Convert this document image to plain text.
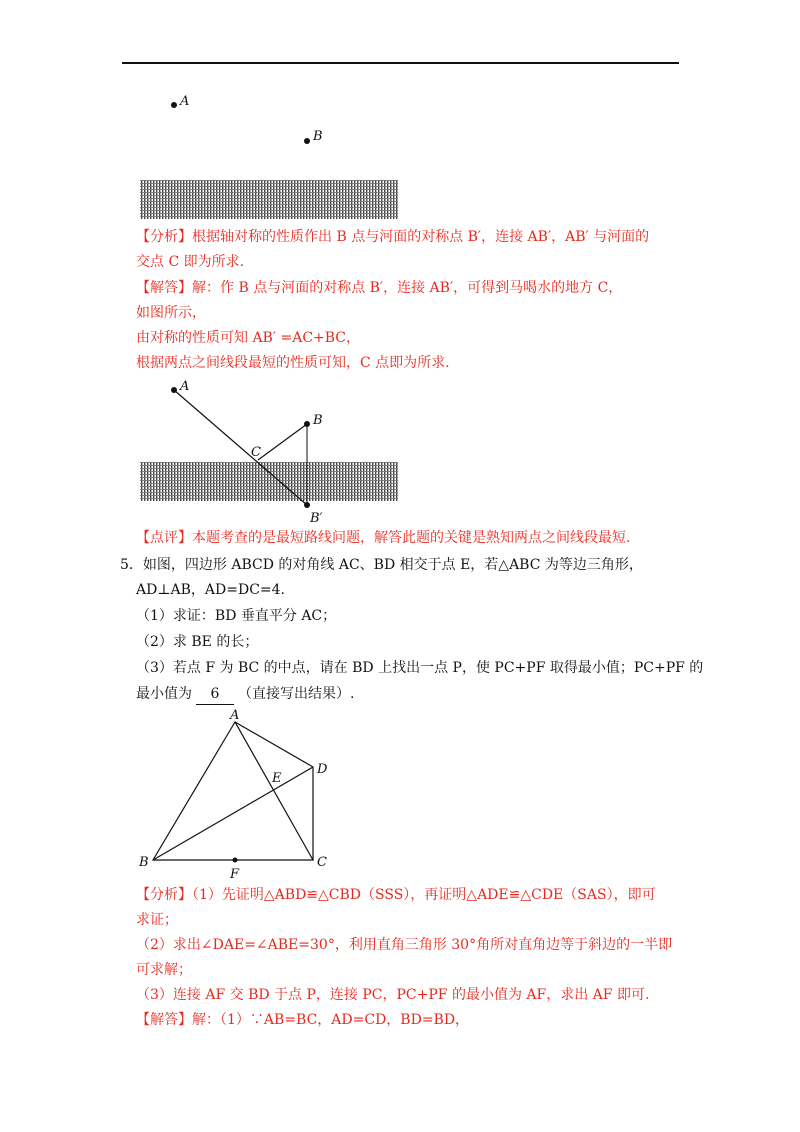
A
B
A
B
C
B′
A
B	C
D
E
F
【分析】根据轴对称的性质作出 B 点与河面的对称点 B′，连接 AB′，AB′ 与河面的
交点 C 即为所求.
【解答】解：作 B 点与河面的对称点 B′，连接 AB′，可得到马喝水的地方 C，
如图所示，
由对称的性质可知 AB′ =AC+BC，
根据两点之间线段最短的性质可知，C 点即为所求.
【点评】本题考查的是最短路线问题，解答此题的关键是熟知两点之间线段最短.
5．如图，四边形 ABCD 的对角线 AC、BD 相交于点 E，若△ABC 为等边三角形，
AD⊥AB，AD=DC=4.
（1）求证：BD 垂直平分 AC；
（2）求 BE 的长；
（3）若点 F 为 BC 的中点，请在 BD 上找出一点 P，使 PC+PF 取得最小值；PC+PF 的
最小值为 6 （直接写出结果）.
【分析】（1）先证明△ABD≌△CBD（SSS），再证明△ADE≌△CDE（SAS），即可
求证；
（2）求出∠DAE=∠ABE=30°，利用直角三角形 30°角所对直角边等于斜边的一半即
可求解；
（3）连接 AF 交 BD 于点 P，连接 PC，PC+PF 的最小值为 AF，求出 AF 即可.
【解答】解：（1）∵AB=BC，AD=CD，BD=BD，
